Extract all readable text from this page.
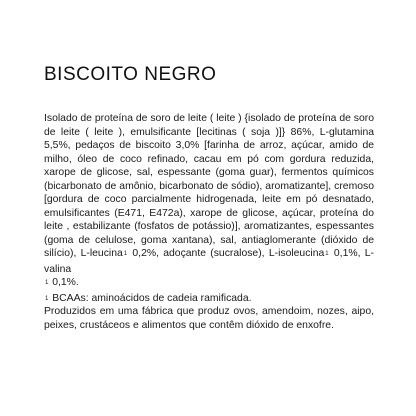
BISCOITO NEGRO

Isolado de proteína de soro de leite ( leite ) {isolado de proteína de soro de leite ( leite ), emulsificante [lecitinas ( soja )]} 86%, L-glutamina 5,5%, pedaços de biscoito 3,0% [farinha de arroz, açúcar, amido de milho, óleo de coco refinado, cacau em pó com gordura reduzida, xarope de glicose, sal, espessante (goma guar), fermentos químicos (bicarbonato de amônio, bicarbonato de sódio), aromatizante], cremoso [gordura de coco parcialmente hidrogenada, leite em pó desnatado, emulsificantes (E471, E472a), xarope de glicose, açúcar, proteína do leite , estabilizante (fosfatos de potássio)], aromatizantes, espessantes (goma de celulose, goma xantana), sal, antiaglomerante (dióxido de silício), L-leucina$^1$ 0,2%, adoçante (sucralose), L-isoleucina$^1$ 0,1%, L-valina
$^1$ 0,1%.

$^1$ BCAAs: aminoácidos de cadeia ramificada.

Produzidos em uma fábrica que produz ovos, amendoim, nozes, aipo, peixes, crustáceos e alimentos que contêm dióxido de enxofre.
